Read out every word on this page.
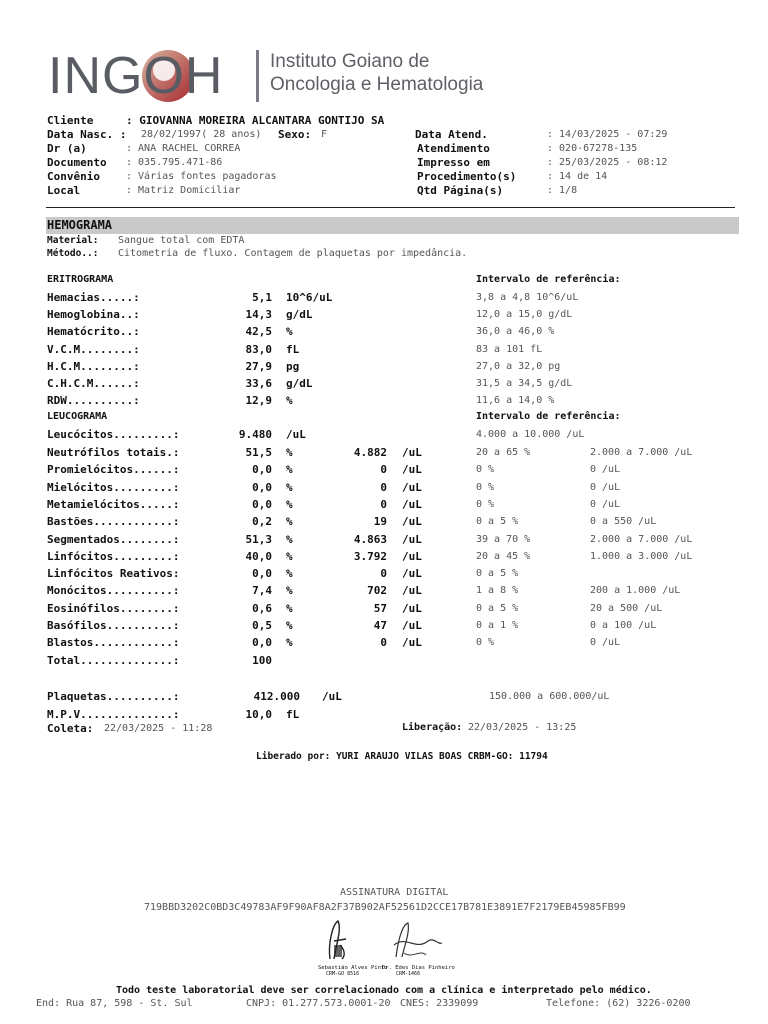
INGOH Instituto Goiano de
Oncologia e Hematologia
Cliente	: GIOVANNA MOREIRA ALCANTARA GONTIJO SA
Data Nasc. : 28/02/1997( 28 anos) Sexo: F
Dr (a)	: ANA RACHEL CORREA
Documento : 035.795.471-86
Convênio	: Várias fontes pagadoras
Local	: Matriz Domiciliar
Data Atend.	: 14/03/2025 - 07:29
Atendimento	: 020-67278-135
Impresso em	: 25/03/2025 - 08:12
Procedimento(s)	: 14 de 14
Qtd Página(s)	: 1/8
HEMOGRAMA
Material: Sangue total com EDTA
Método..: Citometria de fluxo. Contagem de plaquetas por impedância.
ERITROGRAMA	Intervalo de referência:
Hemacias.....:	5,1 10^6/uL	3,8 a 4,8 10^6/uL
Hemoglobina..:	14,3 g/dL	12,0 a 15,0 g/dL
Hematócrito..:	42,5 %	36,0 a 46,0 %
V.C.M........:	83,0 fL	83 a 101 fL
H.C.M........:	27,9 pg	27,0 a 32,0 pg
C.H.C.M......:	33,6 g/dL	31,5 a 34,5 g/dL
RDW..........:	12,9 %	11,6 a 14,0 %
LEUCOGRAMA	Intervalo de referência:
Leucócitos.........:	9.480 /uL	4.000 a 10.000 /uL
Neutrófilos totais.:	51,5 %	4.882 /uL	20 a 65 %	2.000 a 7.000 /uL
Promielócitos......:	0,0 %	0 /uL	0 %	0 /uL
Mielócitos.........:	0,0 %	0 /uL	0 %	0 /uL
Metamielócitos.....:	0,0 %	0 /uL	0 %	0 /uL
Bastões............:	0,2 %	19 /uL	0 a 5 %	0 a 550 /uL
Segmentados........:	51,3 %	4.863 /uL	39 a 70 %	2.000 a 7.000 /uL
Linfócitos.........:	40,0 %	3.792 /uL	20 a 45 %	1.000 a 3.000 /uL
Linfócitos Reativos:	0,0 %	0 /uL	0 a 5 %
Monócitos..........:	7,4 %	702 /uL	1 a 8 %	200 a 1.000 /uL
Eosinófilos........:	0,6 %	57 /uL	0 a 5 %	20 a 500 /uL
Basófilos..........:	0,5 %	47 /uL	0 a 1 %	0 a 100 /uL
Blastos............:	0,0 %	0 /uL	0 %	0 /uL
Total..............:	100
Plaquetas..........:	412.000 /uL	150.000 a 600.000/uL
M.P.V..............:	10,0 fL
Coleta: 22/03/2025 - 11:28	Liberação: 22/03/2025 - 13:25
Liberado por: YURI ARAUJO VILAS BOAS CRBM-GO: 11794
ASSINATURA DIGITAL
719BBD3202C0BD3C49783AF9F90AF8A2F37B902AF52561D2CCE17B781E3891E7F2179EB45985FB99
Sebastião Alves Pinto
CRM-GO 8516
Dr. Edes Dias Pinheiro
CRM-1466
Todo teste laboratorial deve ser correlacionado com a clínica e interpretado pelo médico.
End: Rua 87, 598 - St. Sul	CNPJ: 01.277.573.0001-20 CNES: 2339099	Telefone: (62) 3226-0200
